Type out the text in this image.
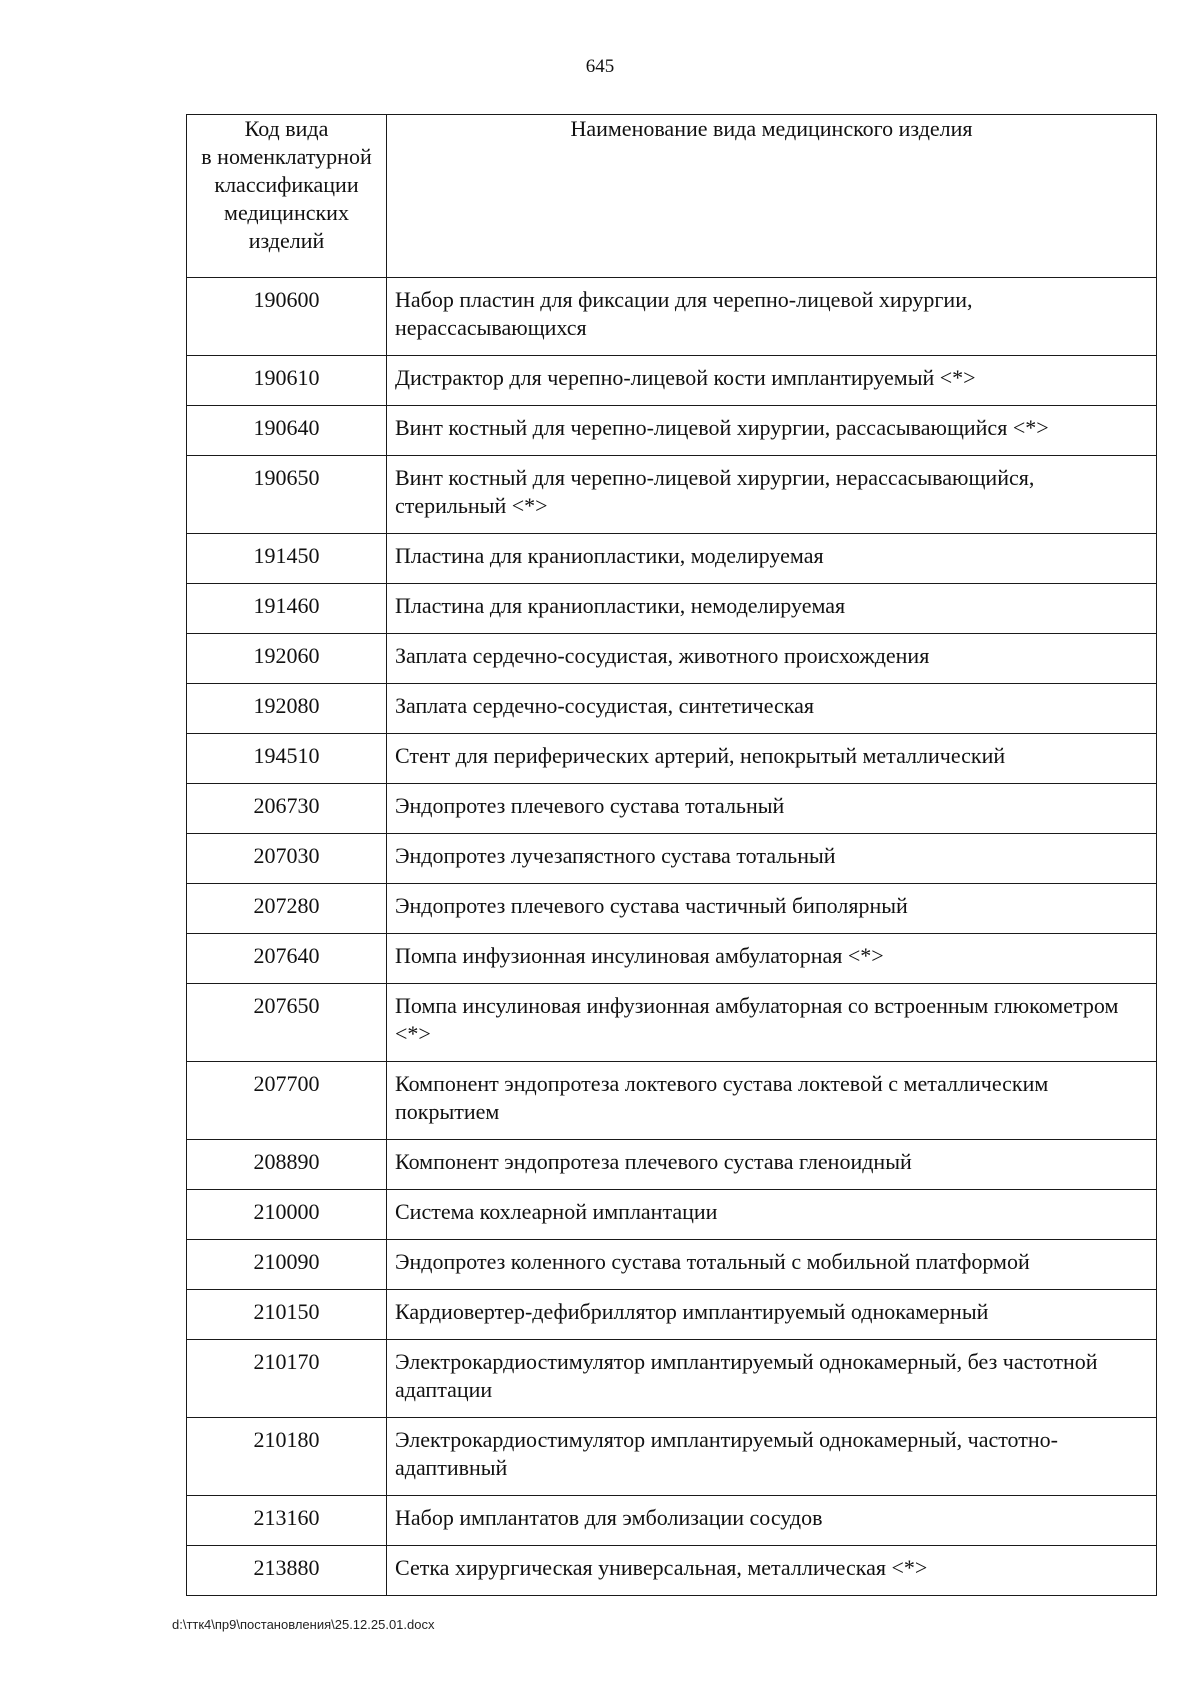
645
Код вида
в номенклатурной
классификации
медицинских
изделий	Наименование вида медицинского изделия
190600	Набор пластин для фиксации для черепно-лицевой хирургии, нерассасывающихся
190610	Дистрактор для черепно-лицевой кости имплантируемый <*>
190640	Винт костный для черепно-лицевой хирургии, рассасывающийся <*>
190650	Винт костный для черепно-лицевой хирургии, нерассасывающийся, стерильный <*>
191450	Пластина для краниопластики, моделируемая
191460	Пластина для краниопластики, немоделируемая
192060	Заплата сердечно-сосудистая, животного происхождения
192080	Заплата сердечно-сосудистая, синтетическая
194510	Стент для периферических артерий, непокрытый металлический
206730	Эндопротез плечевого сустава тотальный
207030	Эндопротез лучезапястного сустава тотальный
207280	Эндопротез плечевого сустава частичный биполярный
207640	Помпа инфузионная инсулиновая амбулаторная <*>
207650	Помпа инсулиновая инфузионная амбулаторная со встроенным глюкометром <*>
207700	Компонент эндопротеза локтевого сустава локтевой с металлическим покрытием
208890	Компонент эндопротеза плечевого сустава гленоидный
210000	Система кохлеарной имплантации
210090	Эндопротез коленного сустава тотальный с мобильной платформой
210150	Кардиовертер-дефибриллятор имплантируемый однокамерный
210170	Электрокардиостимулятор имплантируемый однокамерный, без частотной адаптации
210180	Электрокардиостимулятор имплантируемый однокамерный, частотно-адаптивный
213160	Набор имплантатов для эмболизации сосудов
213880	Сетка хирургическая универсальная, металлическая <*>
d:\ттк4\пр9\постановления\25.12.25.01.docx
